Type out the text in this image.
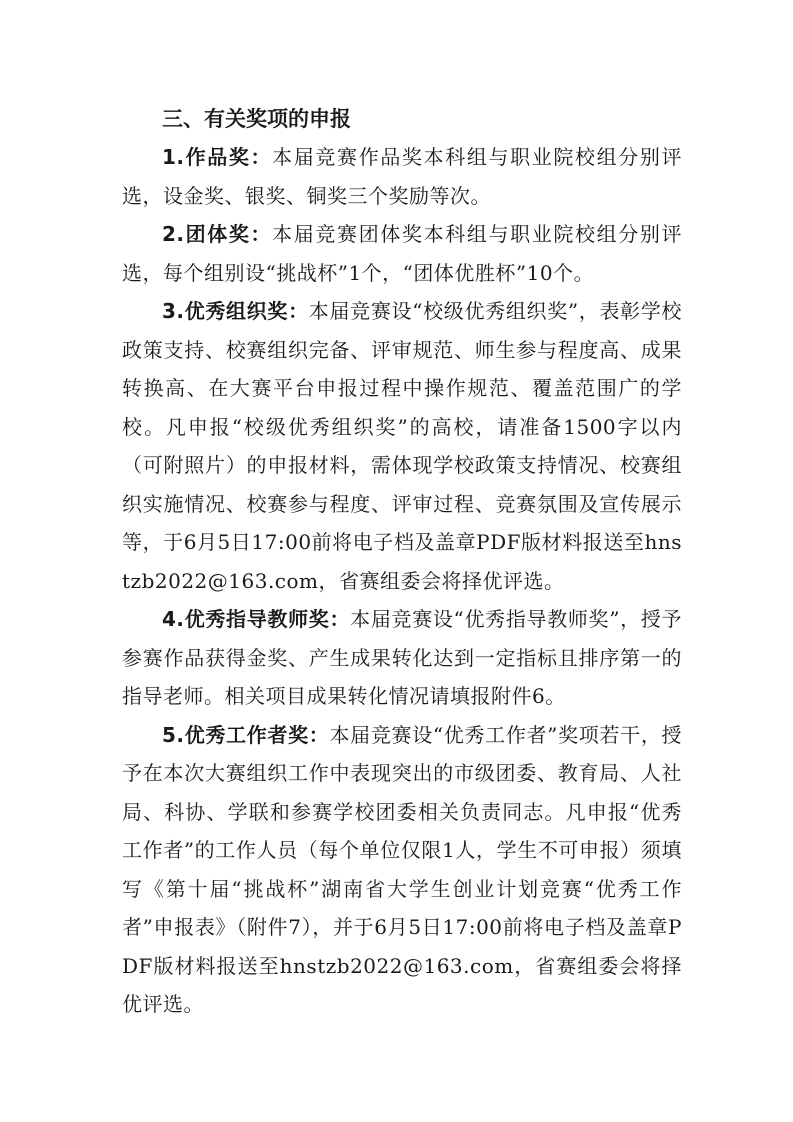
三、有关奖项的申报

1.作品奖：本届竞赛作品奖本科组与职业院校组分别评选，设金奖、银奖、铜奖三个奖励等次。

2.团体奖：本届竞赛团体奖本科组与职业院校组分别评选，每个组别设“挑战杯”1个，“团体优胜杯”10个。

3.优秀组织奖：本届竞赛设“校级优秀组织奖”，表彰学校政策支持、校赛组织完备、评审规范、师生参与程度高、成果转换高、在大赛平台申报过程中操作规范、覆盖范围广的学校。凡申报“校级优秀组织奖”的高校，请准备1500字以内（可附照片）的申报材料，需体现学校政策支持情况、校赛组织实施情况、校赛参与程度、评审过程、竞赛氛围及宣传展示等，于6月5日17:00前将电子档及盖章PDF版材料报送至hnstzb2022@163.com，省赛组委会将择优评选。

4.优秀指导教师奖：本届竞赛设“优秀指导教师奖”，授予参赛作品获得金奖、产生成果转化达到一定指标且排序第一的指导老师。相关项目成果转化情况请填报附件6。

5.优秀工作者奖：本届竞赛设“优秀工作者”奖项若干，授予在本次大赛组织工作中表现突出的市级团委、教育局、人社局、科协、学联和参赛学校团委相关负责同志。凡申报“优秀工作者”的工作人员（每个单位仅限1人，学生不可申报）须填写《第十届“挑战杯”湖南省大学生创业计划竞赛“优秀工作者”申报表》（附件7），并于6月5日17:00前将电子档及盖章PDF版材料报送至hnstzb2022@163.com，省赛组委会将择优评选。
